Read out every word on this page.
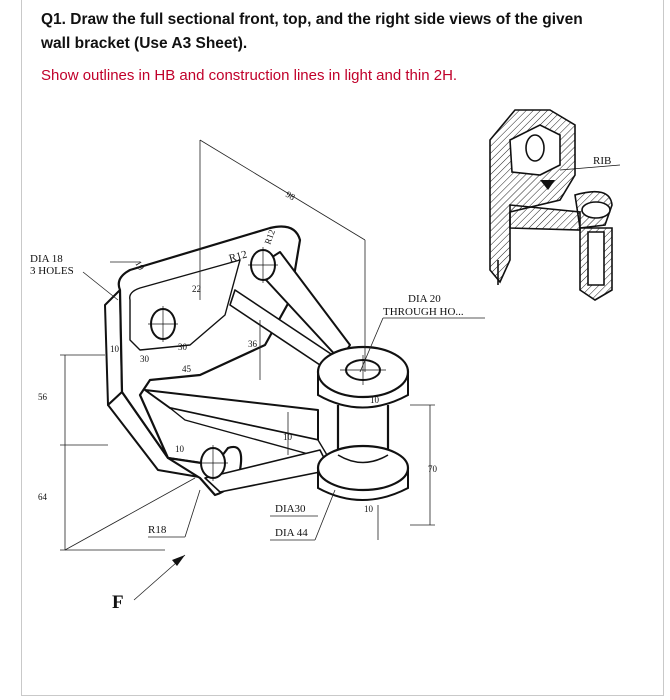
Q1. Draw the full sectional front, top, and the right side views of the given wall bracket (Use A3 Sheet).

Show outlines in HB and construction lines in light and thin 2H.

98
R12
R12
10
22
30
30
10	36
45
56
64
10
10
10
10
70
DIA 18
3 HOLES
DIA 20
THROUGH HO...
DIA30
DIA 44
R18
F
RIB
